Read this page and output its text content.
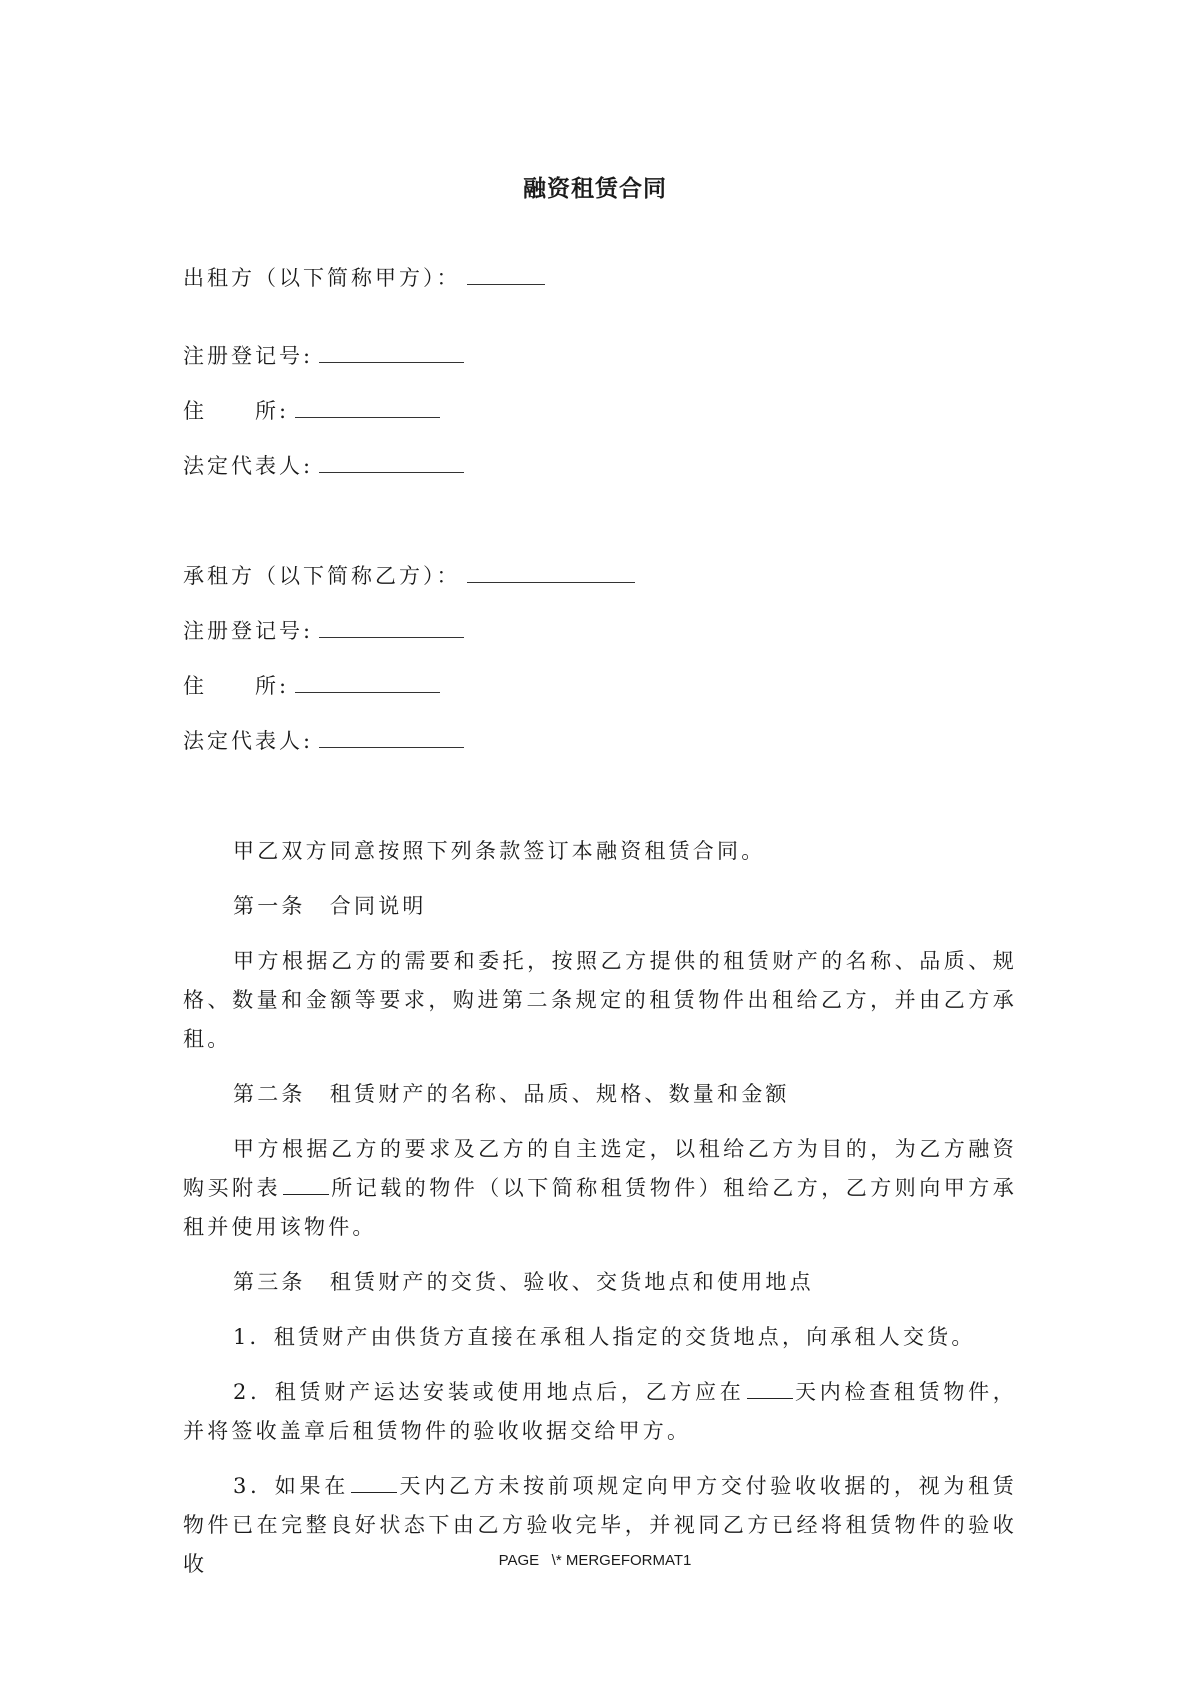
融资租赁合同
出租方（以下简称甲方）：
注册登记号:
住　　所:
法定代表人:
承租方（以下简称乙方）：
注册登记号:
住　　所:
法定代表人:

甲乙双方同意按照下列条款签订本融资租赁合同。

第一条　合同说明

甲方根据乙方的需要和委托，按照乙方提供的租赁财产的名称、品质、规格、数量和金额等要求，购进第二条规定的租赁物件出租给乙方，并由乙方承租。

第二条　租赁财产的名称、品质、规格、数量和金额

甲方根据乙方的要求及乙方的自主选定，以租给乙方为目的，为乙方融资购买附表 所记载的物件（以下简称租赁物件）租给乙方，乙方则向甲方承租并使用该物件。

第三条　租赁财产的交货、验收、交货地点和使用地点

1．租赁财产由供货方直接在承租人指定的交货地点，向承租人交货。

2．租赁财产运达安装或使用地点后，乙方应在 天内检查租赁物件，并将签收盖章后租赁物件的验收收据交给甲方。

3．如果在 天内乙方未按前项规定向甲方交付验收收据的，视为租赁物件已在完整良好状态下由乙方验收完毕，并视同乙方已经将租赁物件的验收收	PAGE   \* MERGEFORMAT1
